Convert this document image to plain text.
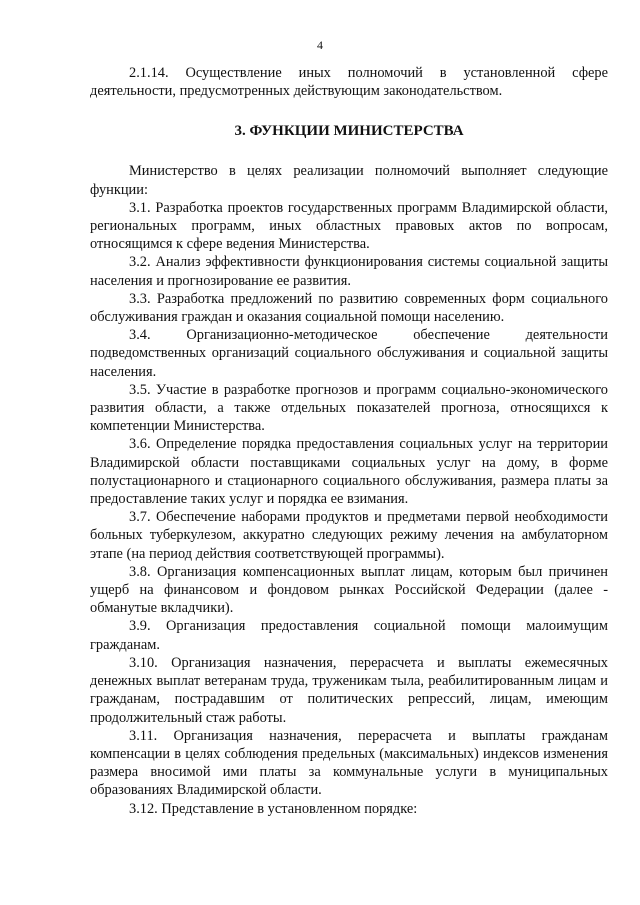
4

2.1.14. Осуществление иных полномочий в установленной сфере деятельности, предусмотренных действующим законодательством.

3. ФУНКЦИИ МИНИСТЕРСТВА

Министерство в целях реализации полномочий выполняет следующие функции:

3.1. Разработка проектов государственных программ Владимирской области, региональных программ, иных областных правовых актов по вопросам, относящимся к сфере ведения Министерства.

3.2. Анализ эффективности функционирования системы социальной защиты населения и прогнозирование ее развития.

3.3. Разработка предложений по развитию современных форм социального обслуживания граждан и оказания социальной помощи населению.

3.4. Организационно-методическое обеспечение деятельности подведомственных организаций социального обслуживания и социальной защиты населения.

3.5. Участие в разработке прогнозов и программ социально-экономического развития области, а также отдельных показателей прогноза, относящихся к компетенции Министерства.

3.6. Определение порядка предоставления социальных услуг на территории Владимирской области поставщиками социальных услуг на дому, в форме полустационарного и стационарного социального обслуживания, размера платы за предоставление таких услуг и порядка ее взимания.

3.7. Обеспечение наборами продуктов и предметами первой необходимости больных туберкулезом, аккуратно следующих режиму лечения на амбулаторном этапе (на период действия соответствующей программы).

3.8. Организация компенсационных выплат лицам, которым был причинен ущерб на финансовом и фондовом рынках Российской Федерации (далее - обманутые вкладчики).

3.9. Организация предоставления социальной помощи малоимущим гражданам.

3.10. Организация назначения, перерасчета и выплаты ежемесячных денежных выплат ветеранам труда, труженикам тыла, реабилитированным лицам и гражданам, пострадавшим от политических репрессий, лицам, имеющим продолжительный стаж работы.

3.11. Организация назначения, перерасчета и выплаты гражданам компенсации в целях соблюдения предельных (максимальных) индексов изменения размера вносимой ими платы за коммунальные услуги в муниципальных образованиях Владимирской области.

3.12. Представление в установленном порядке:
